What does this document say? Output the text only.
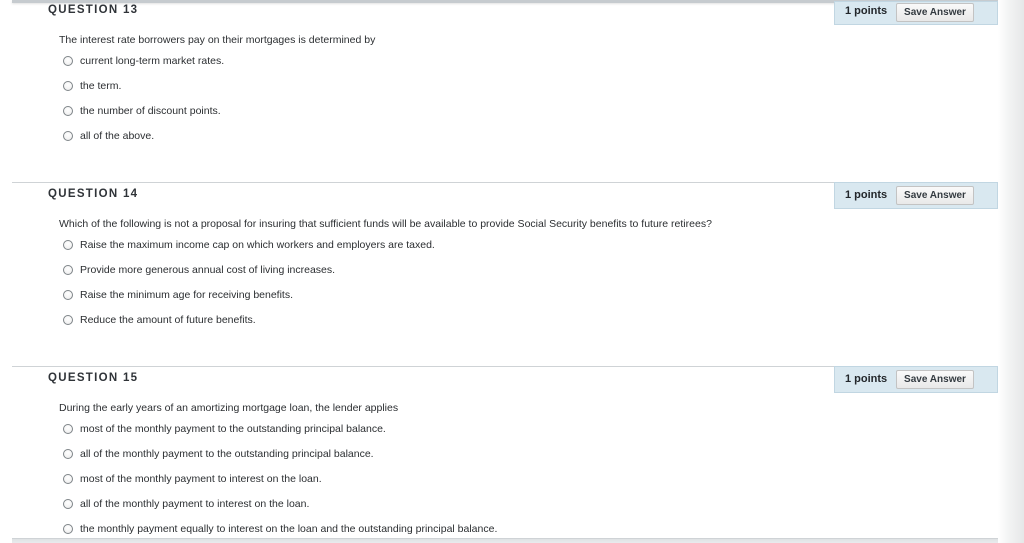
QUESTION 13	1 points	Save Answer
The interest rate borrowers pay on their mortgages is determined by
current long-term market rates.
the term.
the number of discount points.
all of the above.
QUESTION 14	1 points	Save Answer
Which of the following is not a proposal for insuring that sufficient funds will be available to provide Social Security benefits to future retirees?
Raise the maximum income cap on which workers and employers are taxed.
Provide more generous annual cost of living increases.
Raise the minimum age for receiving benefits.
Reduce the amount of future benefits.
QUESTION 15	1 points	Save Answer
During the early years of an amortizing mortgage loan, the lender applies
most of the monthly payment to the outstanding principal balance.
all of the monthly payment to the outstanding principal balance.
most of the monthly payment to interest on the loan.
all of the monthly payment to interest on the loan.
the monthly payment equally to interest on the loan and the outstanding principal balance.
